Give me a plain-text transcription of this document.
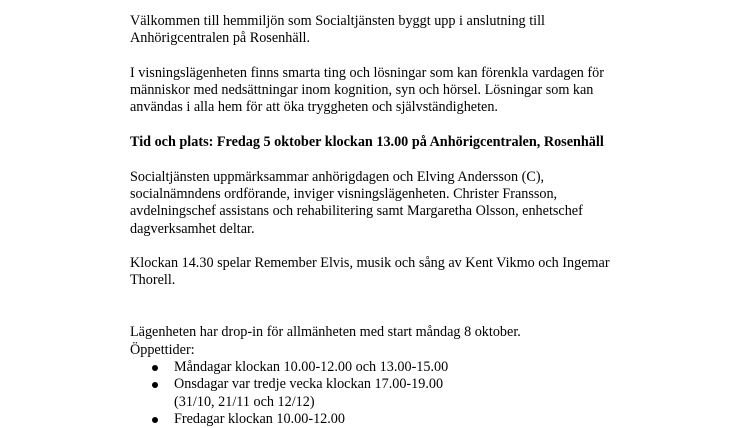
Välkommen till hemmiljön som Socialtjänsten byggt upp i anslutning till
Anhörigcentralen på Rosenhäll.

I visningslägenheten finns smarta ting och lösningar som kan förenkla vardagen för
människor med nedsättningar inom kognition, syn och hörsel. Lösningar som kan
användas i alla hem för att öka tryggheten och självständigheten.

Tid och plats: Fredag 5 oktober klockan 13.00 på Anhörigcentralen, Rosenhäll

Socialtjänsten uppmärksammar anhörigdagen och Elving Andersson (C),
socialnämndens ordförande, inviger visningslägenheten. Christer Fransson,
avdelningschef assistans och rehabilitering samt Margaretha Olsson, enhetschef
dagverksamhet deltar.

Klockan 14.30 spelar Remember Elvis, musik och sång av Kent Vikmo och Ingemar
Thorell.

Lägenheten har drop-in för allmänheten med start måndag 8 oktober.

Öppettider:

Måndagar klockan 10.00-12.00 och 13.00-15.00
Onsdagar var tredje vecka klockan 17.00-19.00
(31/10, 21/11 och 12/12)
Fredagar klockan 10.00-12.00
